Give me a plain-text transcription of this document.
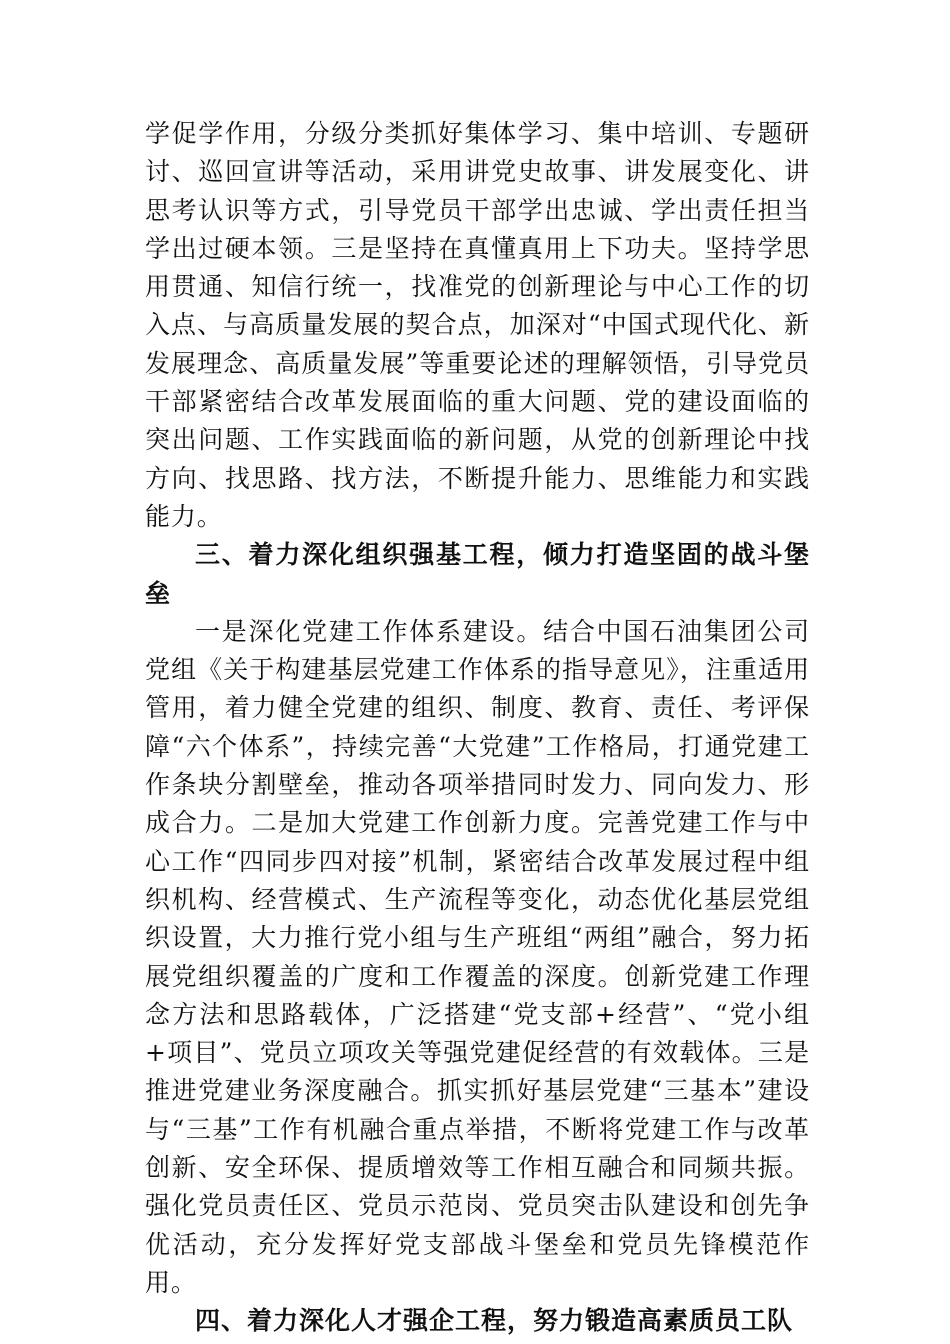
学促学作用，分级分类抓好集体学习、集中培训、专题研讨、巡回宣讲等活动，采用讲党史故事、讲发展变化、讲思考认识等方式，引导党员干部学出忠诚、学出责任担当学出过硬本领。三是坚持在真懂真用上下功夫。坚持学思用贯通、知信行统一，找准党的创新理论与中心工作的切入点、与高质量发展的契合点，加深对“中国式现代化、新发展理念、高质量发展”等重要论述的理解领悟，引导党员干部紧密结合改革发展面临的重大问题、党的建设面临的突出问题、工作实践面临的新问题，从党的创新理论中找方向、找思路、找方法，不断提升能力、思维能力和实践能力。

三、着力深化组织强基工程，倾力打造坚固的战斗堡垒

一是深化党建工作体系建设。结合中国石油集团公司党组《关于构建基层党建工作体系的指导意见》，注重适用管用，着力健全党建的组织、制度、教育、责任、考评保障“六个体系”，持续完善“大党建”工作格局，打通党建工作条块分割壁垒，推动各项举措同时发力、同向发力、形成合力。二是加大党建工作创新力度。完善党建工作与中心工作“四同步四对接”机制，紧密结合改革发展过程中组织机构、经营模式、生产流程等变化，动态优化基层党组织设置，大力推行党小组与生产班组“两组”融合，努力拓展党组织覆盖的广度和工作覆盖的深度。创新党建工作理念方法和思路载体，广泛搭建“党支部+经营”、“党小组+项目”、党员立项攻关等强党建促经营的有效载体。三是推进党建业务深度融合。抓实抓好基层党建“三基本”建设与“三基”工作有机融合重点举措，不断将党建工作与改革创新、安全环保、提质增效等工作相互融合和同频共振。强化党员责任区、党员示范岗、党员突击队建设和创先争优活动，充分发挥好党支部战斗堡垒和党员先锋模范作用。

四、着力深化人才强企工程，努力锻造高素质员工队
